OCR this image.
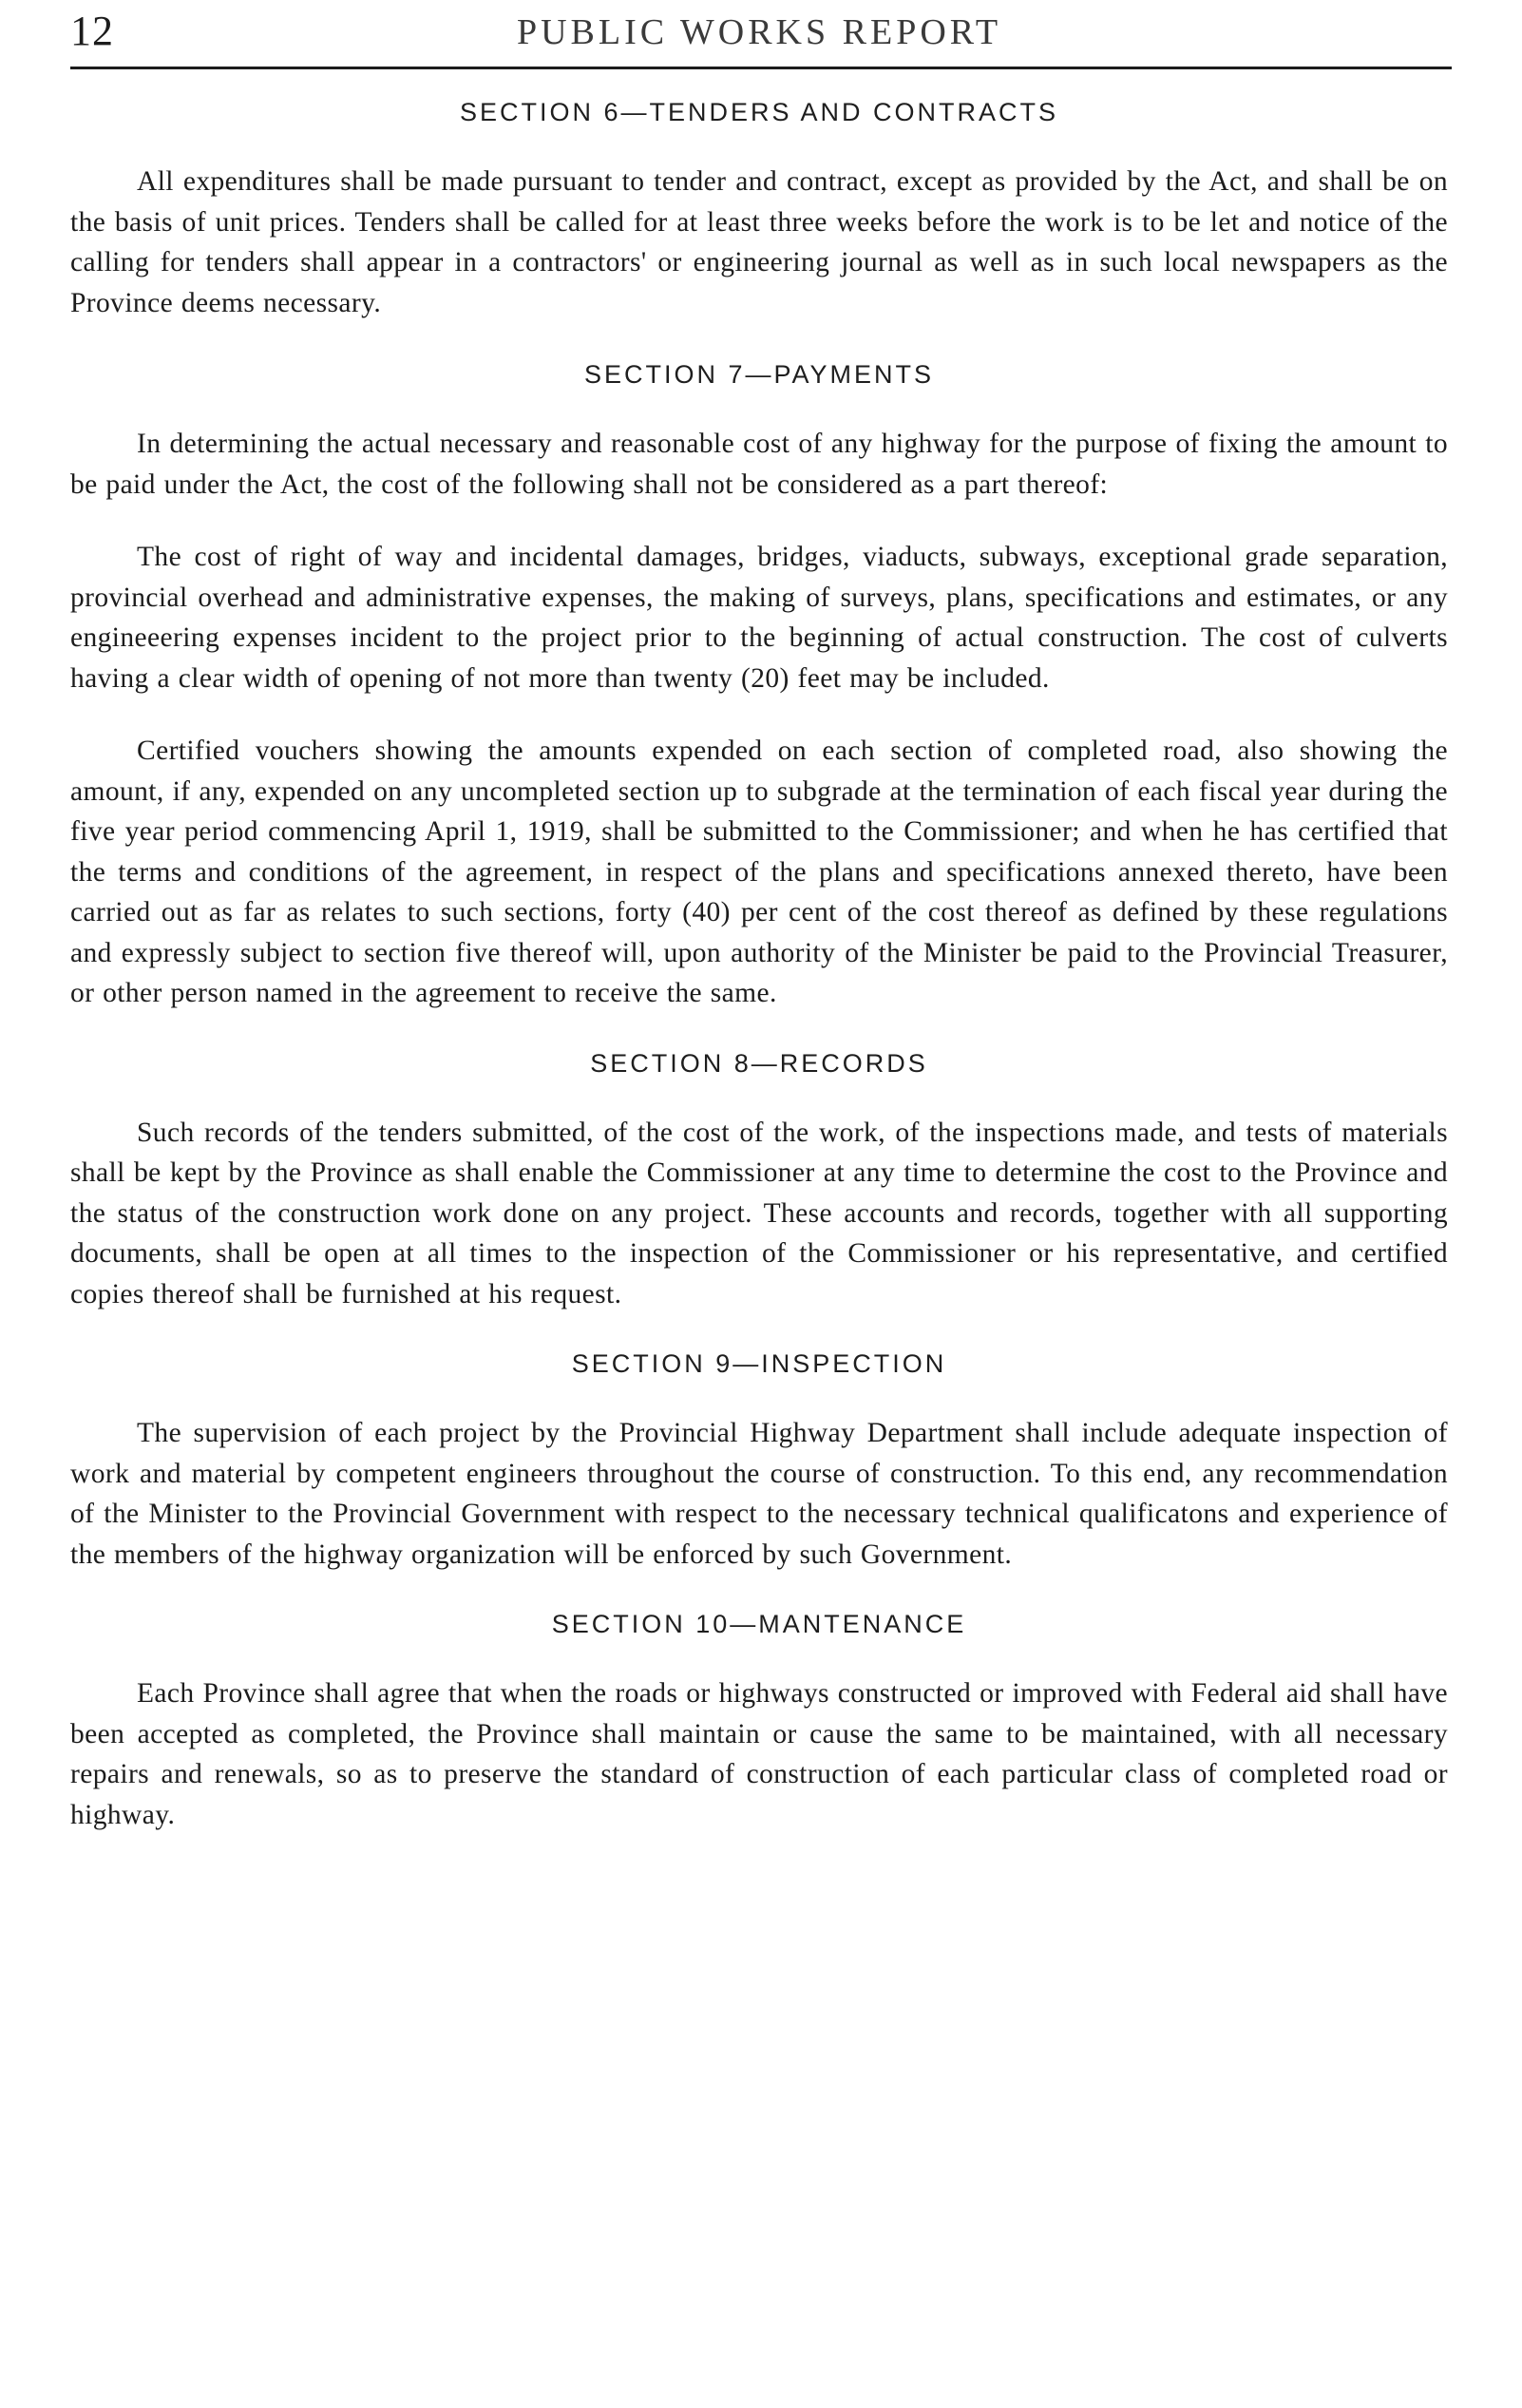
12	PUBLIC WORKS REPORT
SECTION 6—TENDERS AND CONTRACTS

All expenditures shall be made pursuant to tender and contract, except as provided by the Act, and shall be on the basis of unit prices. Tenders shall be called for at least three weeks before the work is to be let and notice of the calling for tenders shall appear in a contractors' or engineering journal as well as in such local newspapers as the Province deems necessary.

SECTION 7—PAYMENTS

In determining the actual necessary and reasonable cost of any highway for the purpose of fixing the amount to be paid under the Act, the cost of the following shall not be considered as a part thereof:

The cost of right of way and incidental damages, bridges, viaducts, subways, exceptional grade separation, provincial overhead and administrative expenses, the making of surveys, plans, specifications and estimates, or any engineeering expenses incident to the project prior to the beginning of actual construction. The cost of culverts having a clear width of opening of not more than twenty (20) feet may be included.

Certified vouchers showing the amounts expended on each section of completed road, also showing the amount, if any, expended on any uncompleted section up to subgrade at the termination of each fiscal year during the five year period commencing April 1, 1919, shall be submitted to the Commissioner; and when he has certified that the terms and conditions of the agreement, in respect of the plans and specifications annexed thereto, have been carried out as far as relates to such sections, forty (40) per cent of the cost thereof as defined by these regulations and expressly subject to section five thereof will, upon authority of the Minister be paid to the Provincial Treasurer, or other person named in the agreement to receive the same.

SECTION 8—RECORDS

Such records of the tenders submitted, of the cost of the work, of the inspections made, and tests of materials shall be kept by the Province as shall enable the Commissioner at any time to determine the cost to the Province and the status of the construction work done on any project. These accounts and records, together with all supporting documents, shall be open at all times to the inspection of the Commissioner or his representative, and certified copies thereof shall be furnished at his request.

SECTION 9—INSPECTION

The supervision of each project by the Provincial Highway Department shall include adequate inspection of work and material by competent engineers throughout the course of construction. To this end, any recommendation of the Minister to the Provincial Government with respect to the necessary technical qualificatons and experience of the members of the highway organization will be enforced by such Government.

SECTION 10—MANTENANCE

Each Province shall agree that when the roads or highways constructed or improved with Federal aid shall have been accepted as completed, the Province shall maintain or cause the same to be maintained, with all necessary repairs and renewals, so as to preserve the standard of construction of each particular class of completed road or highway.
